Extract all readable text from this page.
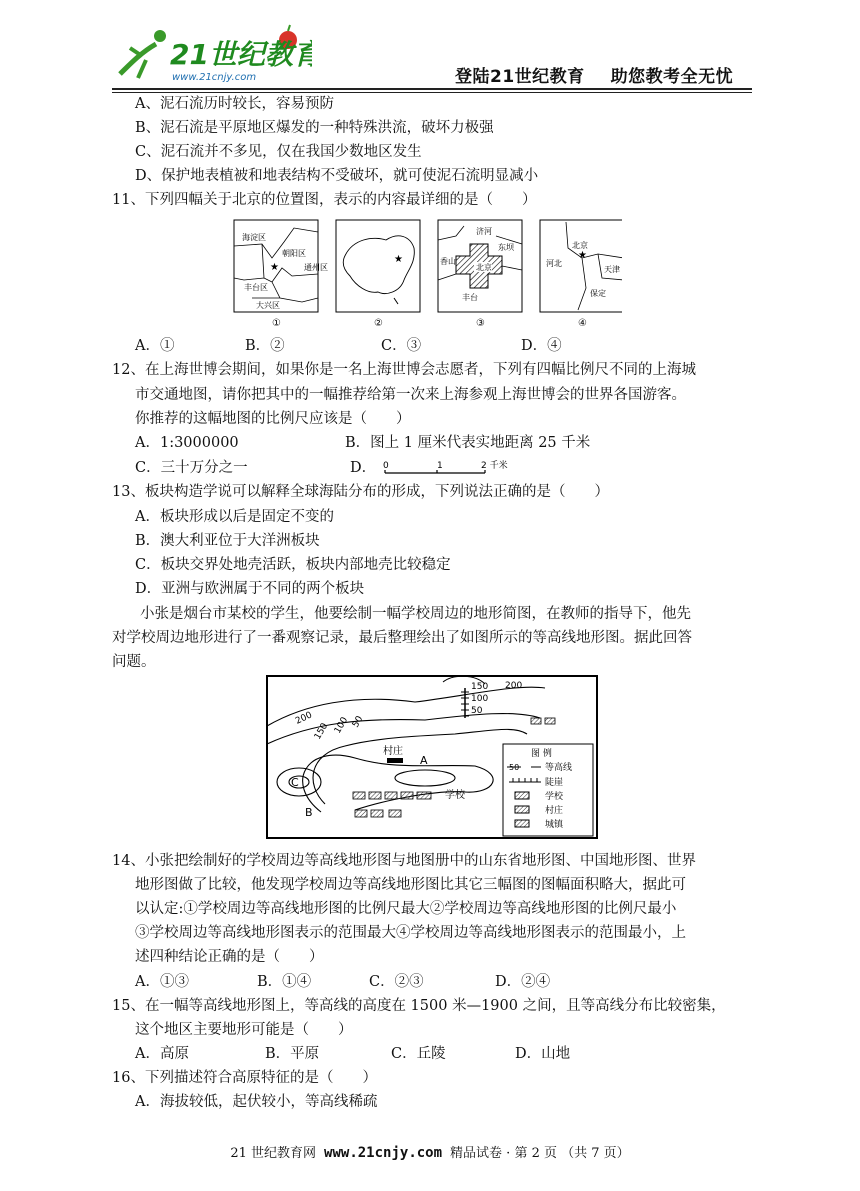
21世纪教育
www.21cnjy.com	登陆21世纪教育 助您教考全无忧
A、泥石流历时较长，容易预防
B、泥石流是平原地区爆发的一种特殊洪流，破坏力极强
C、泥石流并不多见，仅在我国少数地区发生
D、保护地表植被和地表结构不受破坏，就可使泥石流明显减小
11、下列四幅关于北京的位置图，表示的内容最详细的是（　　）
海淀区
朝阳区
通州区
丰台区
大兴区
★
①
★
②
济河
东坝
香山
北京
丰台
③
北京
★
河北
天津
保定
④
A．①	B．②	C．③	D．④
12、在上海世博会期间，如果你是一名上海世博会志愿者，下列有四幅比例尺不同的上海城
市交通地图，请你把其中的一幅推荐给第一次来上海参观上海世博会的世界各国游客。
你推荐的这幅地图的比例尺应该是（　　）
A．1:3000000	B．图上 1 厘米代表实地距离 25 千米
C．三十万分之一	D． 0	1	2 千米
13、板块构造学说可以解释全球海陆分布的形成，下列说法正确的是（　　）
A．板块形成以后是固定不变的
B．澳大利亚位于大洋洲板块
C．板块交界处地壳活跃，板块内部地壳比较稳定
D．亚洲与欧洲属于不同的两个板块
小张是烟台市某校的学生，他要绘制一幅学校周边的地形简图，在教师的指导下，他先
对学校周边地形进行了一番观察记录，最后整理绘出了如图所示的等高线地形图。据此回答
问题。
150
100
50
200
200
150 100 50
A
B
C
村庄
学校
图 例
50	等高线
陡崖
学校
村庄
城镇
14、小张把绘制好的学校周边等高线地形图与地图册中的山东省地形图、中国地形图、世界
地形图做了比较，他发现学校周边等高线地形图比其它三幅图的图幅面积略大，据此可
以认定:①学校周边等高线地形图的比例尺最大②学校周边等高线地形图的比例尺最小
③学校周边等高线地形图表示的范围最大④学校周边等高线地形图表示的范围最小，上
述四种结论正确的是（　　）
A．①③	B．①④	C．②③	D．②④
15、在一幅等高线地形图上，等高线的高度在 1500 米—1900 之间，且等高线分布比较密集，
这个地区主要地形可能是（　　）
A．高原	B．平原	C．丘陵	D．山地
16、下列描述符合高原特征的是（　　）
A．海拔较低，起伏较小，等高线稀疏
21 世纪教育网 www.21cnjy.com 精品试卷 · 第 2 页 （共 7 页）
